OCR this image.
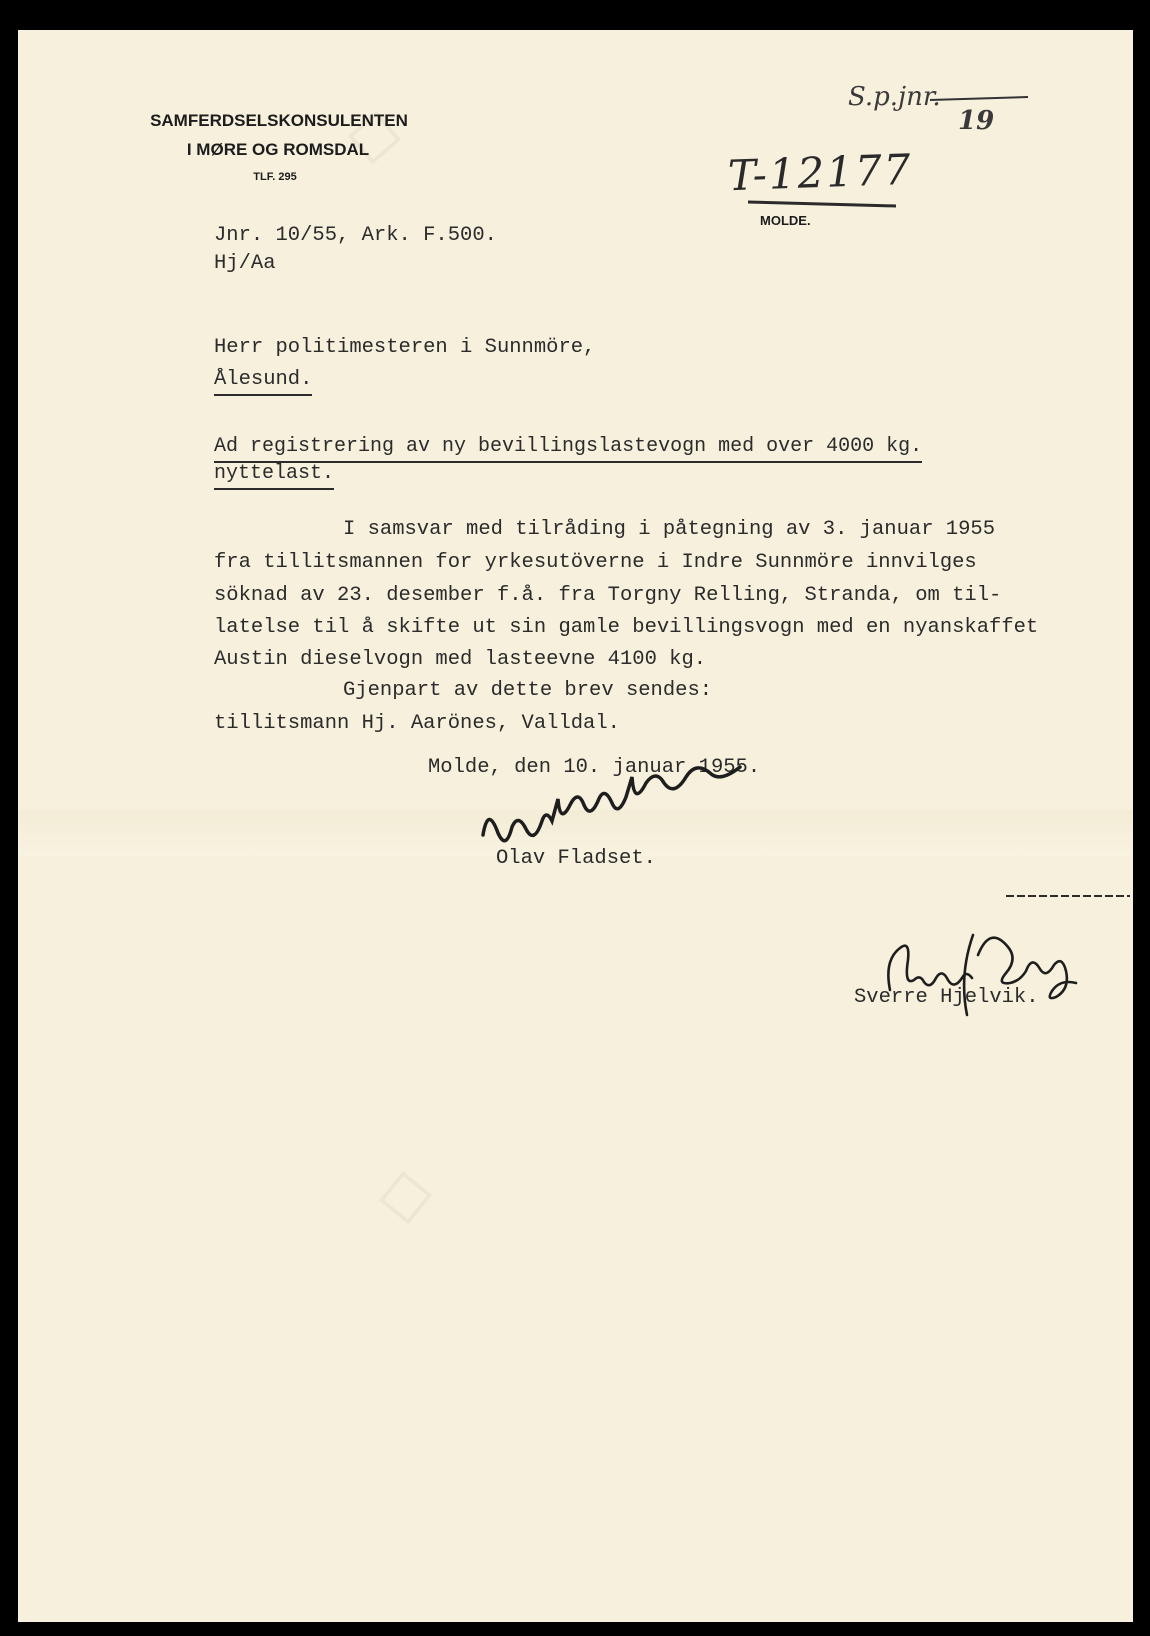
◇
◇
SAMFERDSELSKONSULENTEN
I MØRE OG ROMSDAL
TLF. 295
MOLDE.
S.p.jnr.
19
T-12177
Jnr. 10/55, Ark. F.500.
Hj/Aa
Herr politimesteren i Sunnmöre,
Ålesund.
Ad registrering av ny bevillingslastevogn med over 4000 kg.
nyttelast.
I samsvar med tilråding i påtegning av 3. januar 1955
fra tillitsmannen for yrkesutöverne i Indre Sunnmöre innvilges
söknad av 23. desember f.å. fra Torgny Relling, Stranda, om til-
latelse til å skifte ut sin gamle bevillingsvogn med en nyanskaffet
Austin dieselvogn med lasteevne 4100 kg.
Gjenpart av dette brev sendes:
tillitsmann Hj. Aarönes, Valldal.
Molde, den 10. januar 1955.
Olav Fladset.
Sverre Hjelvik.
